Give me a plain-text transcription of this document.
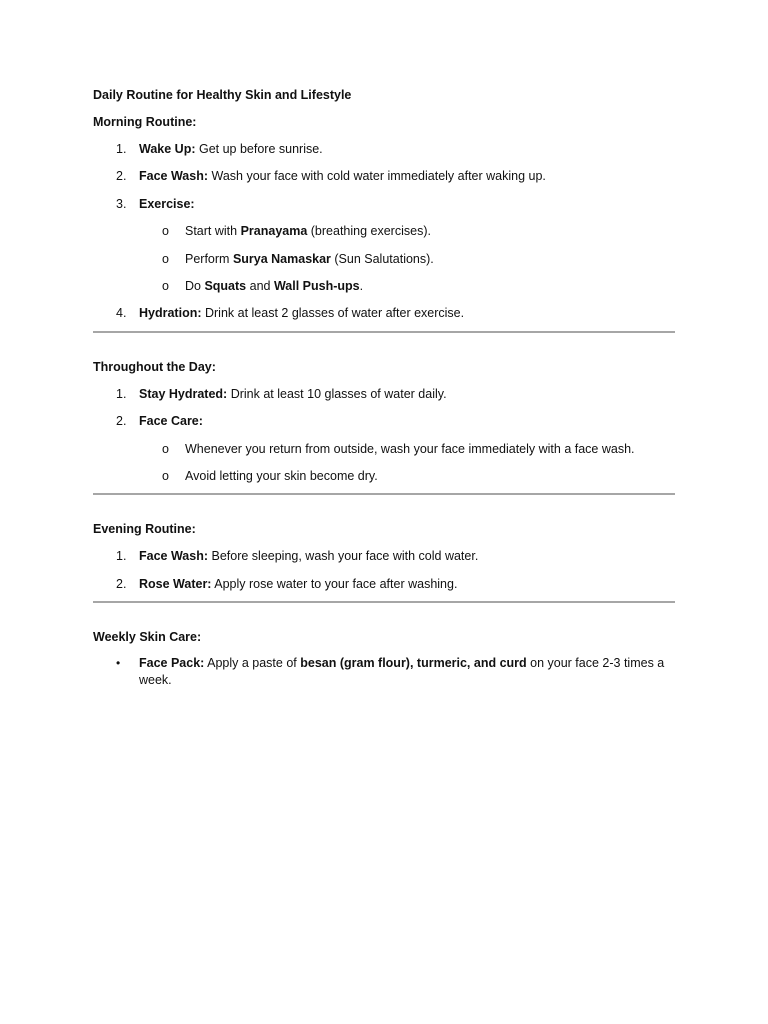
Daily Routine for Healthy Skin and Lifestyle

Morning Routine:

1. Wake Up: Get up before sunrise.
2. Face Wash: Wash your face with cold water immediately after waking up.
3. Exercise:
o Start with Pranayama (breathing exercises).
o Perform Surya Namaskar (Sun Salutations).
o Do Squats and Wall Push-ups.
4. Hydration: Drink at least 2 glasses of water after exercise.

Throughout the Day:

1. Stay Hydrated: Drink at least 10 glasses of water daily.
2. Face Care:
o Whenever you return from outside, wash your face immediately with a face wash.
o Avoid letting your skin become dry.

Evening Routine:

1. Face Wash: Before sleeping, wash your face with cold water.
2. Rose Water: Apply rose water to your face after washing.

Weekly Skin Care:

• Face Pack: Apply a paste of besan (gram flour), turmeric, and curd on your face 2-3 times a week.
